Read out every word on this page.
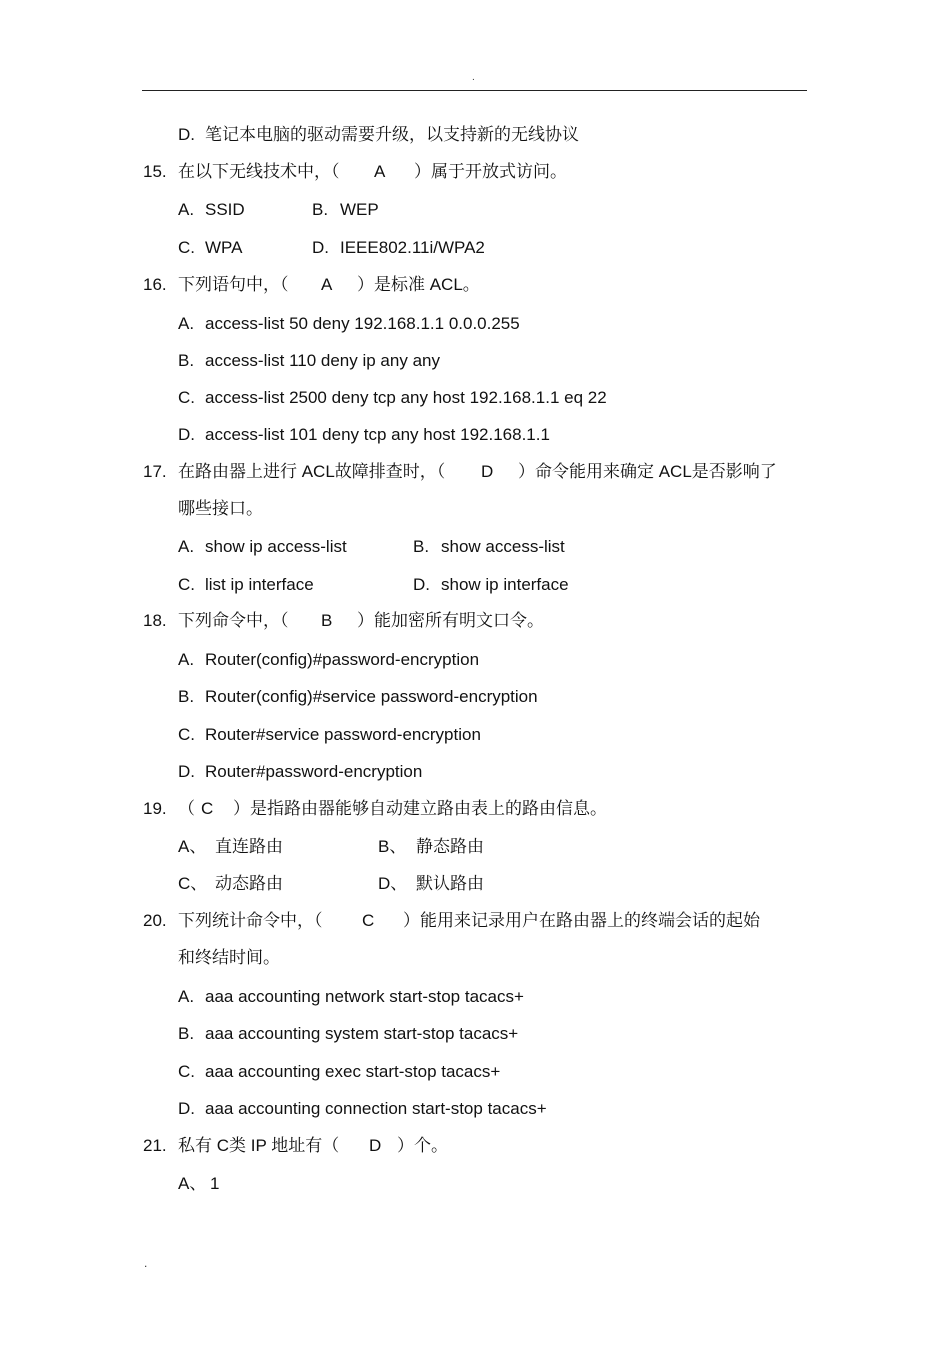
.
D. 笔记本电脑的驱动需要升级，以支持新的无线协议
15. 在以下无线技术中，（ A ）属于开放式访问。
A. SSID	B. WEP
C. WPA	D. IEEE802.11i/WPA2
16. 下列语句中，（ A ）是标准 ACL。
A. access-list 50 deny 192.168.1.1 0.0.0.255
B. access-list 110 deny ip any any
C. access-list 2500 deny tcp any host 192.168.1.1 eq 22
D. access-list 101 deny tcp any host 192.168.1.1
17. 在路由器上进行 ACL故障排查时，（ D ）命令能用来确定 ACL是否影响了
哪些接口。
A. show ip access-list	B. show access-list
C. list ip interface	D. show ip interface
18. 下列命令中，（ B ）能加密所有明文口令。
A. Router(config)#password-encryption
B. Router(config)#service password-encryption
C. Router#service password-encryption
D. Router#password-encryption
19. （ C ）是指路由器能够自动建立路由表上的路由信息。
A、 直连路由	B、 静态路由
C、 动态路由	D、 默认路由
20. 下列统计命令中，（ C ）能用来记录用户在路由器上的终端会话的起始
和终结时间。
A. aaa accounting network start-stop tacacs+
B. aaa accounting system start-stop tacacs+
C. aaa accounting exec start-stop tacacs+
D. aaa accounting connection start-stop tacacs+
21. 私有 C类 IP 地址有（ D ）个。
A、 1
.
